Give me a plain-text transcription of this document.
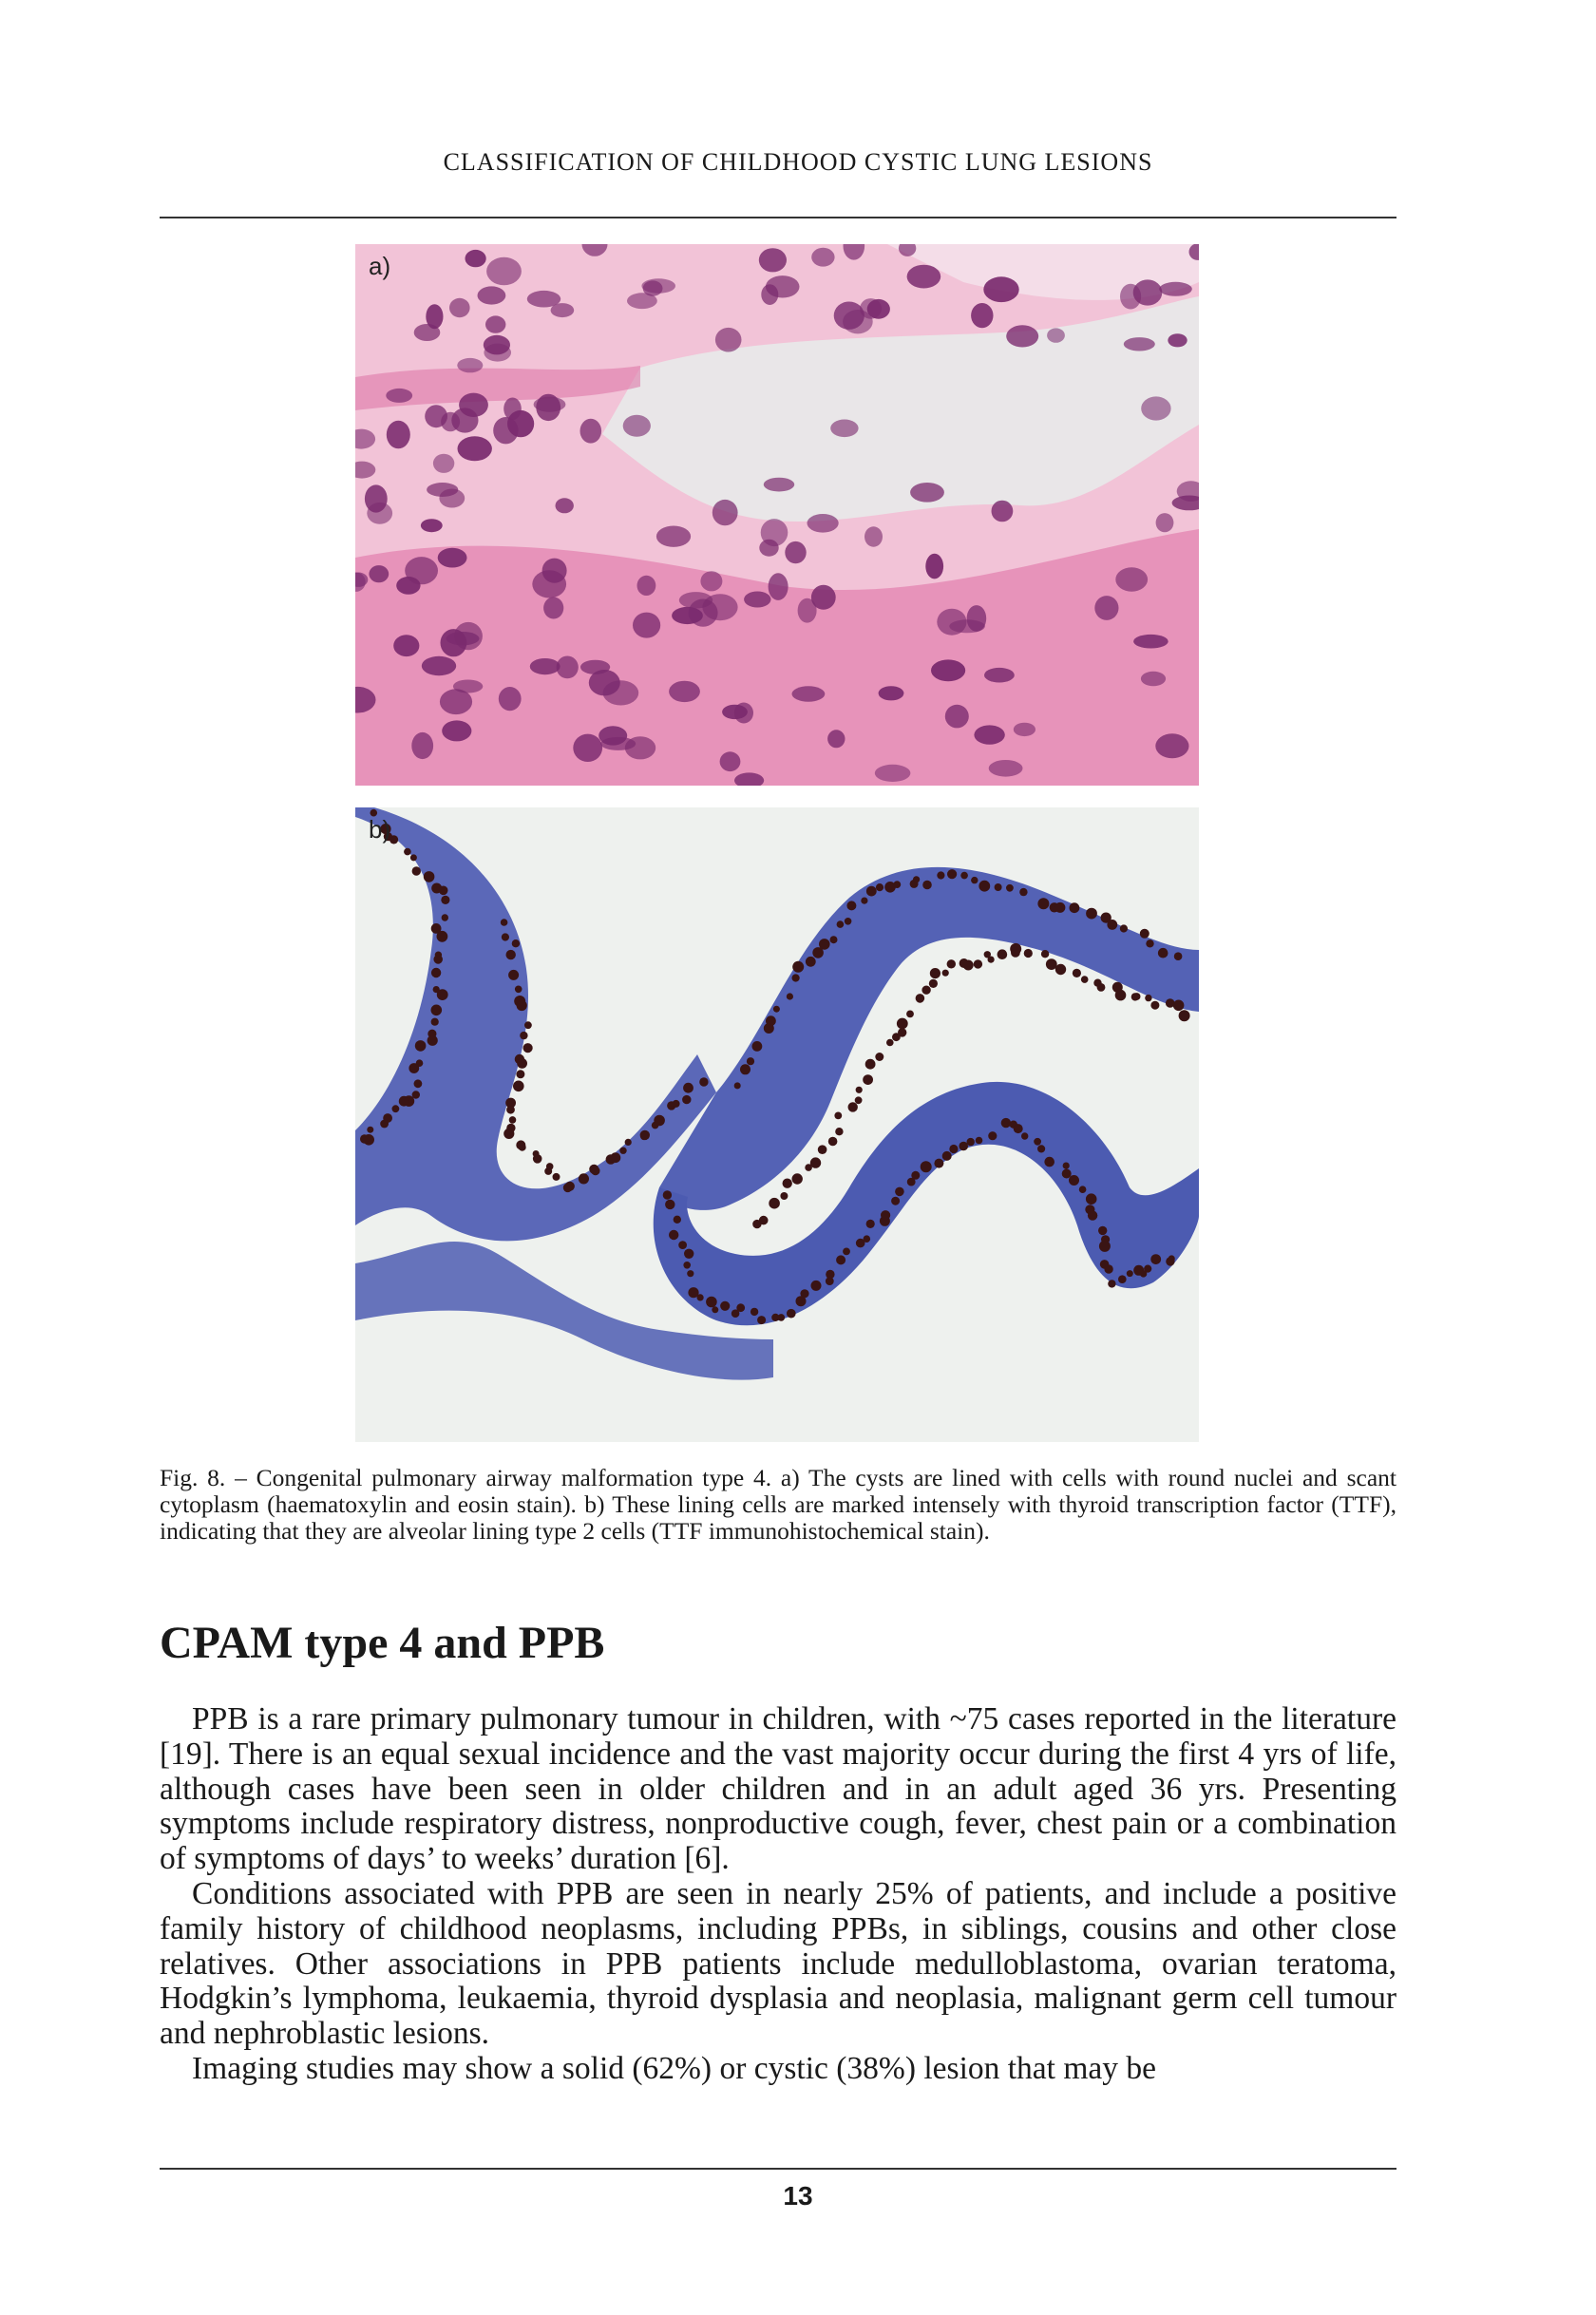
CLASSIFICATION OF CHILDHOOD CYSTIC LUNG LESIONS
a)
b)

Fig. 8. – Congenital pulmonary airway malformation type 4. a) The cysts are lined with cells with round nuclei and scant cytoplasm (haematoxylin and eosin stain). b) These lining cells are marked intensely with thyroid transcription factor (TTF), indicating that they are alveolar lining type 2 cells (TTF immunohistochemical stain).

CPAM type 4 and PPB

PPB is a rare primary pulmonary tumour in children, with ~75 cases reported in the literature [19]. There is an equal sexual incidence and the vast majority occur during the first 4 yrs of life, although cases have been seen in older children and in an adult aged 36 yrs. Presenting symptoms include respiratory distress, nonproductive cough, fever, chest pain or a combination of symptoms of days’ to weeks’ duration [6].

Conditions associated with PPB are seen in nearly 25% of patients, and include a positive family history of childhood neoplasms, including PPBs, in siblings, cousins and other close relatives. Other associations in PPB patients include medulloblastoma, ovarian teratoma, Hodgkin’s lymphoma, leukaemia, thyroid dysplasia and neoplasia, malignant germ cell tumour and nephroblastic lesions.

Imaging studies may show a solid (62%) or cystic (38%) lesion that may be

13
